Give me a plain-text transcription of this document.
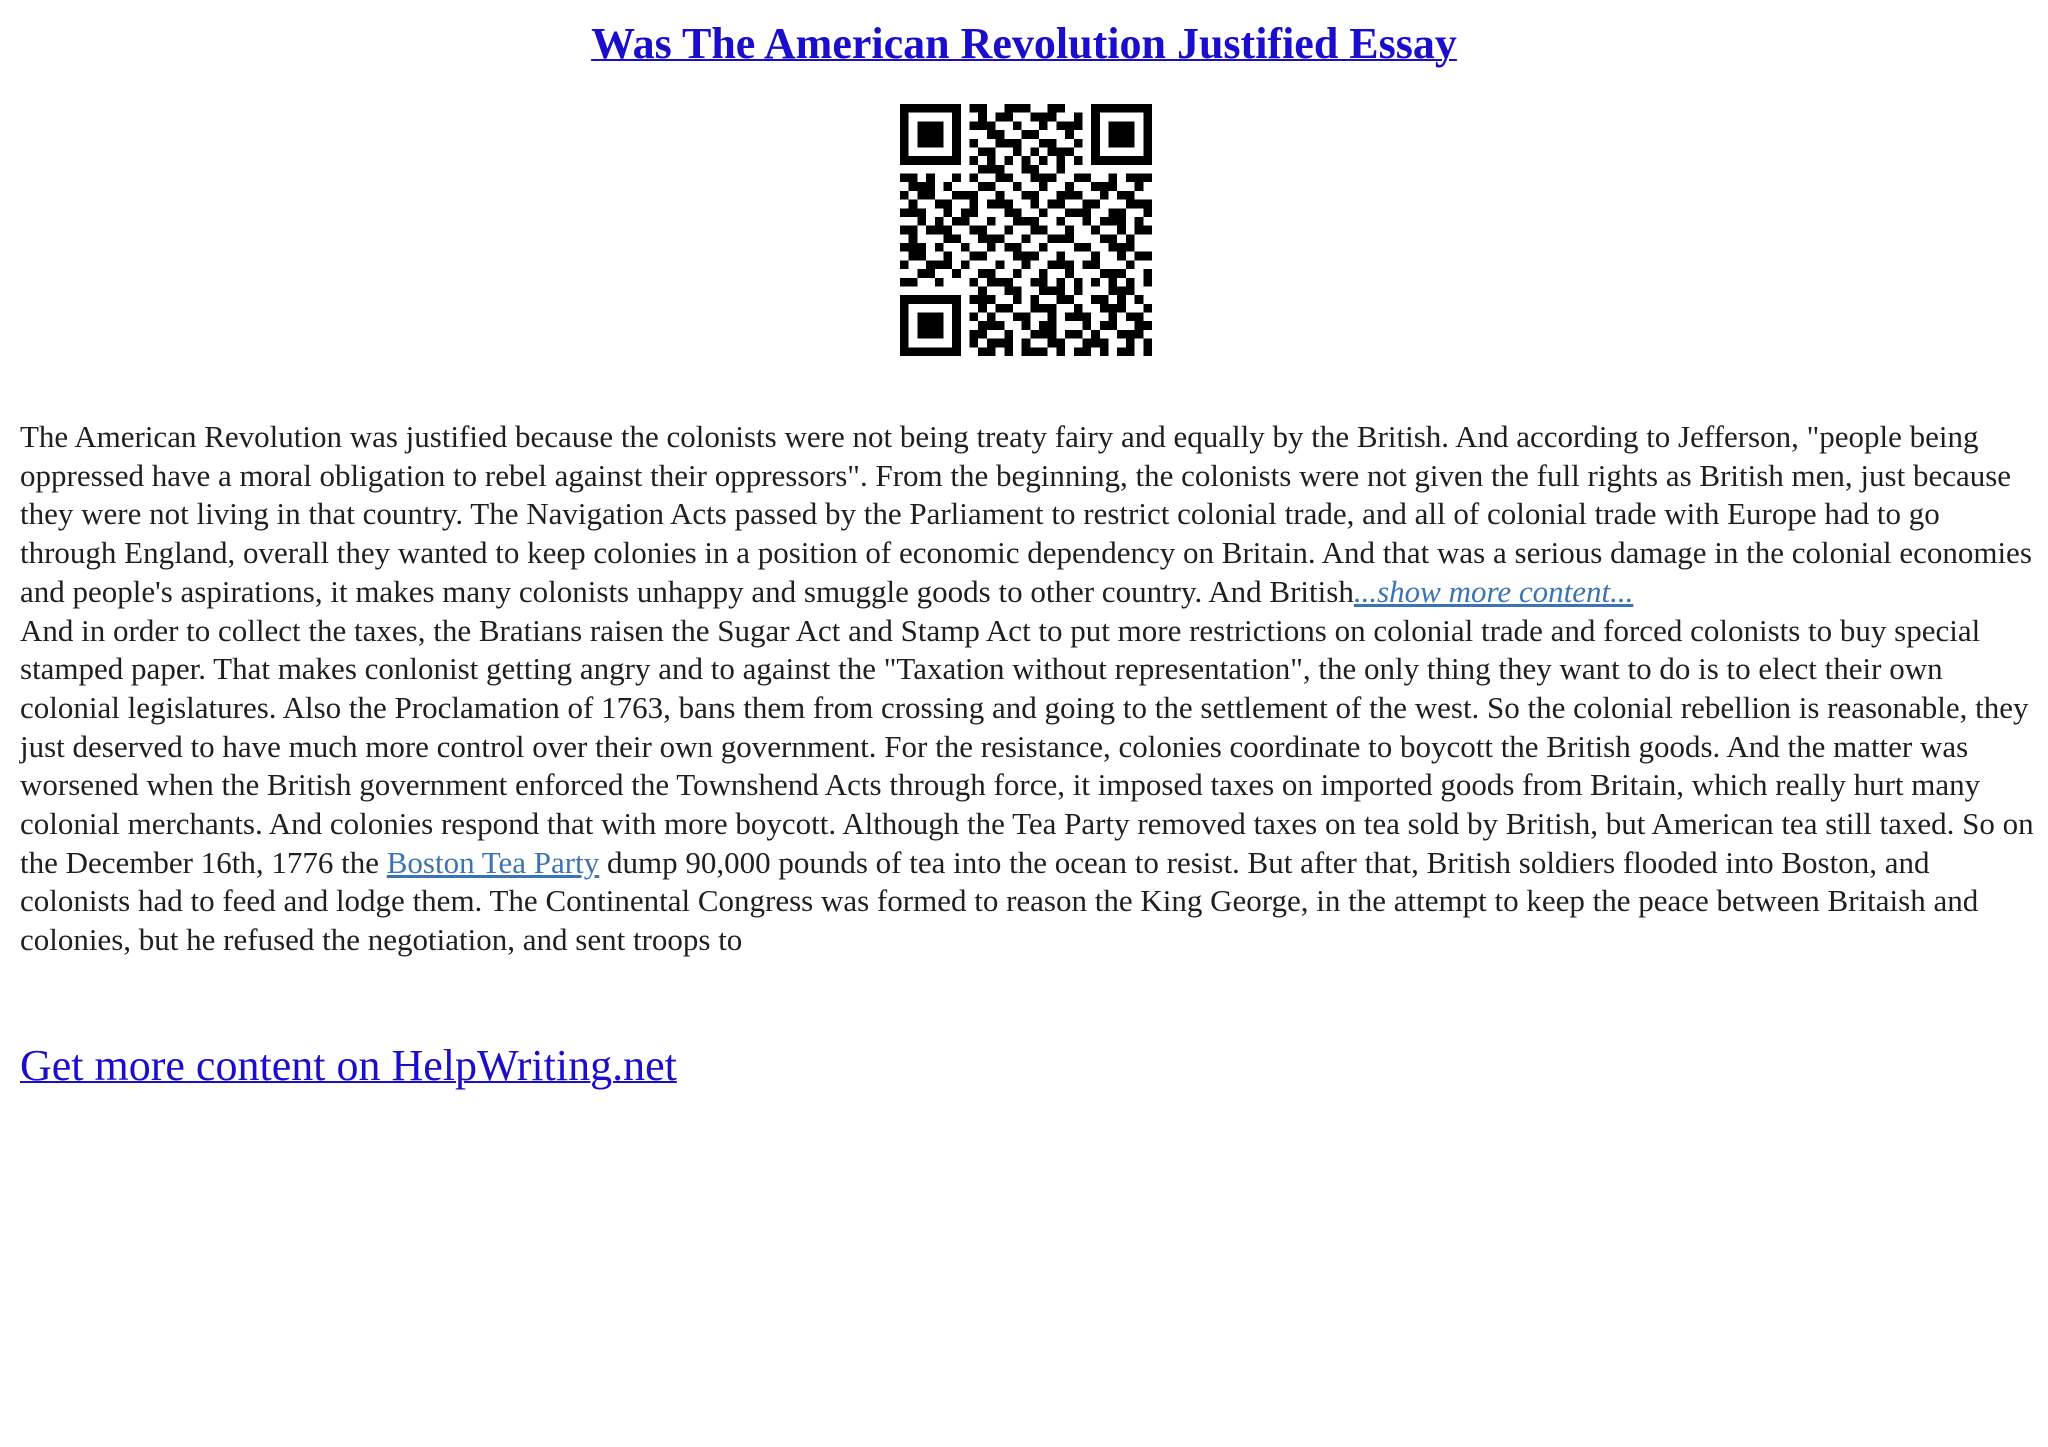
Was The American Revolution Justified Essay

The American Revolution was justified because the colonists were not being treaty fairy and equally by the British. And according to Jefferson, "people being oppressed have a moral obligation to rebel against their oppressors". From the beginning, the colonists were not given the full rights as British men, just because they were not living in that country. The Navigation Acts passed by the Parliament to restrict colonial trade, and all of colonial trade with Europe had to go through England, overall they wanted to keep colonies in a position of economic dependency on Britain. And that was a serious damage in the colonial economies and people's aspirations, it makes many colonists unhappy and smuggle goods to other country. And British...show more content...

And in order to collect the taxes, the Bratians raisen the Sugar Act and Stamp Act to put more restrictions on colonial trade and forced colonists to buy special stamped paper. That makes conlonist getting angry and to against the "Taxation without representation", the only thing they want to do is to elect their own colonial legislatures. Also the Proclamation of 1763, bans them from crossing and going to the settlement of the west. So the colonial rebellion is reasonable, they just deserved to have much more control over their own government. For the resistance, colonies coordinate to boycott the British goods. And the matter was worsened when the British government enforced the Townshend Acts through force, it imposed taxes on imported goods from Britain, which really hurt many colonial merchants. And colonies respond that with more boycott. Although the Tea Party removed taxes on tea sold by British, but American tea still taxed. So on the December 16th, 1776 the Boston Tea Party dump 90,000 pounds of tea into the ocean to resist. But after that, British soldiers flooded into Boston, and colonists had to feed and lodge them. The Continental Congress was formed to reason the King George, in the attempt to keep the peace between Britaish and colonies, but he refused the negotiation, and sent troops to

Get more content on HelpWriting.net
